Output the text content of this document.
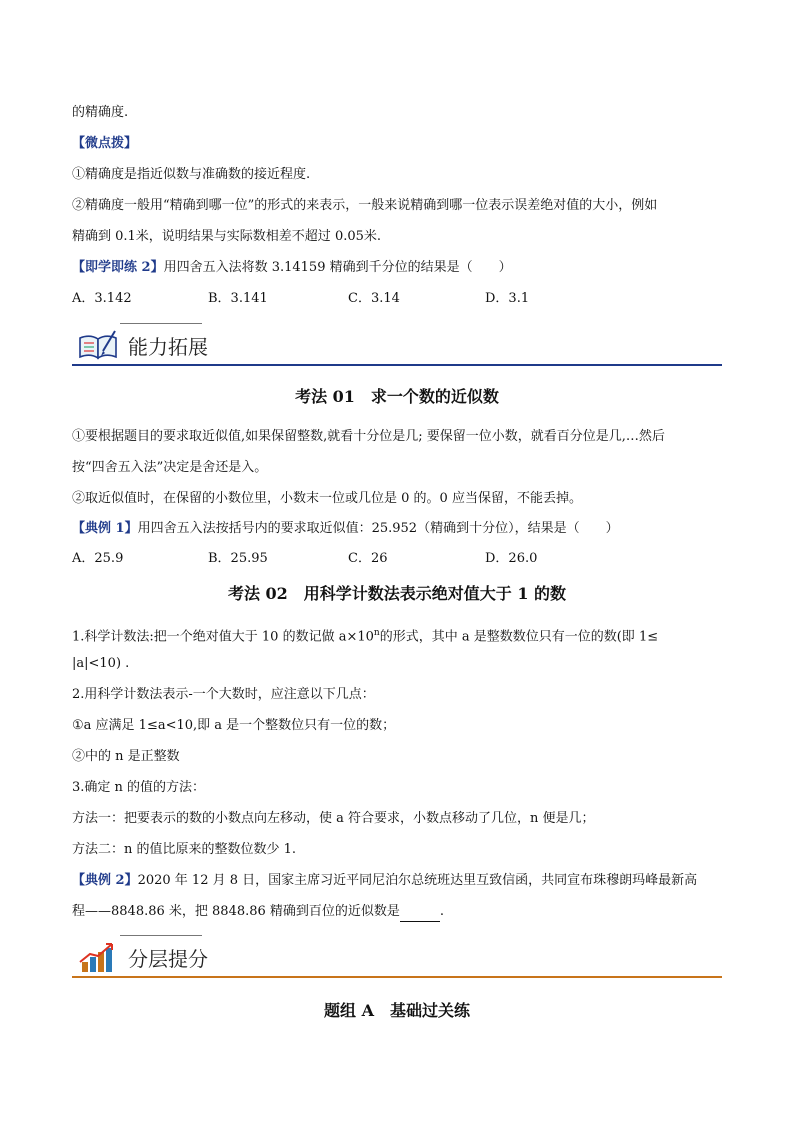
的精确度.
【微点拨】
①精确度是指近似数与准确数的接近程度.
②精确度一般用“精确到哪一位”的形式的来表示，一般来说精确到哪一位表示误差绝对值的大小，例如
精确到 0.1米，说明结果与实际数相差不超过 0.05米.
【即学即练 2】用四舍五入法将数 3.14159 精确到千分位的结果是（ ）
A．3.142	B．3.141	C．3.14	D．3.1
能力拓展
考法 01　求一个数的近似数
①要根据题目的要求取近似值,如果保留整数,就看十分位是几; 要保留一位小数，就看百分位是几,…然后
按“四舍五入法”决定是舍还是入。
②取近似值时，在保留的小数位里，小数末一位或几位是 0 的。0 应当保留，不能丢掉。
【典例 1】用四舍五入法按括号内的要求取近似值：25.952（精确到十分位），结果是（ ）
A．25.9	B．25.95	C．26	D．26.0
考法 02　用科学计数法表示绝对值大于 1 的数
1.科学计数法:把一个绝对值大于 10 的数记做 $a\times 10^n$的形式，其中 a 是整数数位只有一位的数(即 1≤
|a|<10) .
2.用科学计数法表示-一个大数时，应注意以下几点：
①a 应满足 1≤a<10,即 a 是一个整数位只有一位的数；
②中的 n 是正整数
3.确定 n 的值的方法：
方法一：把要表示的数的小数点向左移动，使 a 符合要求，小数点移动了几位，n 便是几；
方法二：n 的值比原来的整数位数少 1.
【典例 2】2020 年 12 月 8 日，国家主席习近平同尼泊尔总统班达里互致信函，共同宣布珠穆朗玛峰最新高
程——8848.86 米，把 8848.86 精确到百位的近似数是	.
分层提分
题组 A　基础过关练
